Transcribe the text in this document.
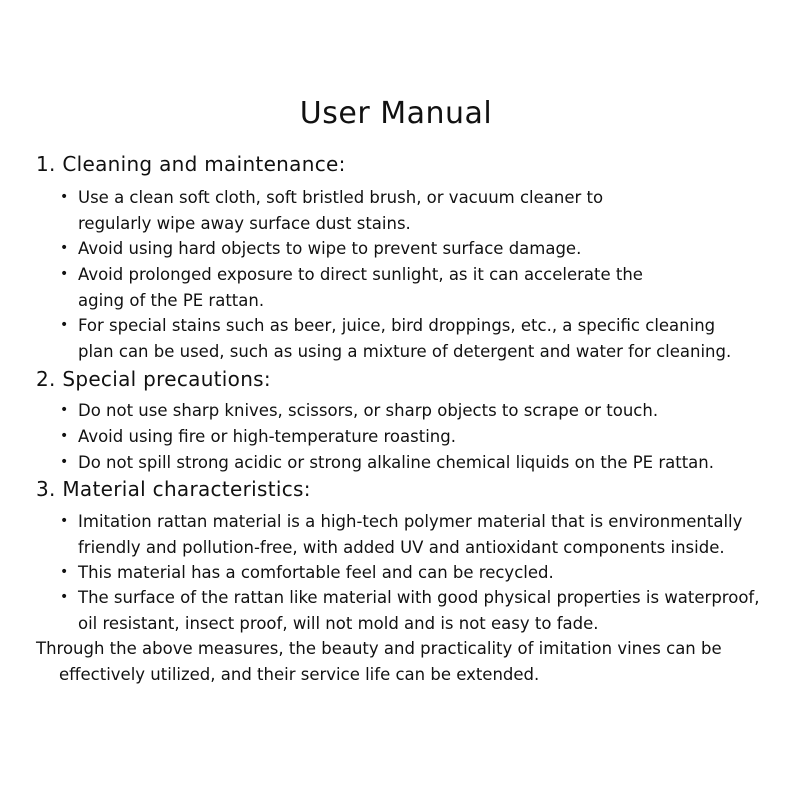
User Manual
1. Cleaning and maintenance:
• Use a clean soft cloth, soft bristled brush, or vacuum cleaner to
regularly wipe away surface dust stains.
• Avoid using hard objects to wipe to prevent surface damage.
• Avoid prolonged exposure to direct sunlight, as it can accelerate the
aging of the PE rattan.
• For special stains such as beer, juice, bird droppings, etc., a specific cleaning
plan can be used, such as using a mixture of detergent and water for cleaning.
2. Special precautions:
• Do not use sharp knives, scissors, or sharp objects to scrape or touch.
• Avoid using fire or high-temperature roasting.
• Do not spill strong acidic or strong alkaline chemical liquids on the PE rattan.
3. Material characteristics:
• Imitation rattan material is a high-tech polymer material that is environmentally
friendly and pollution-free, with added UV and antioxidant components inside.
• This material has a comfortable feel and can be recycled.
• The surface of the rattan like material with good physical properties is waterproof,
oil resistant, insect proof, will not mold and is not easy to fade.

Through the above measures, the beauty and practicality of imitation vines can be
effectively utilized, and their service life can be extended.
